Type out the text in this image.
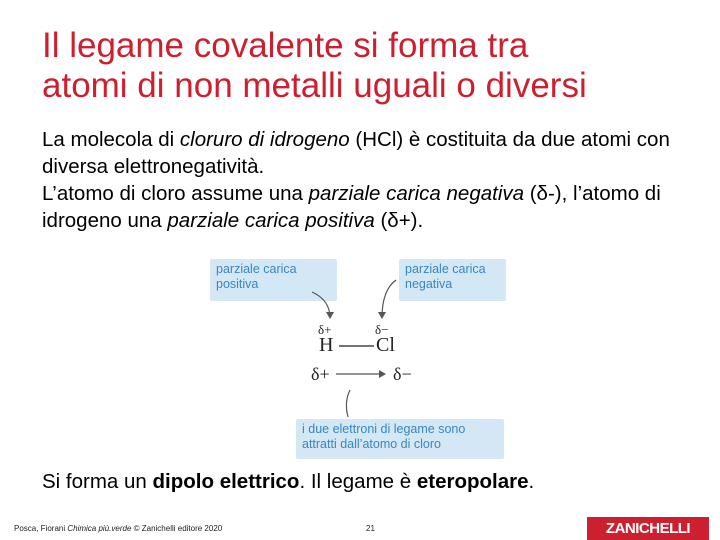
Il legame covalente si forma tra
atomi di non metalli uguali o diversi

La molecola di cloruro di idrogeno (HCl) è costituita da due atomi con diversa elettronegatività.

L’atomo di cloro assume una parziale carica negativa (δ-), l’atomo di idrogeno una parziale carica positiva (δ+).

parziale carica
positiva
parziale carica
negativa
i due elettroni di legame sono
attratti dall’atomo di cloro
δ+	δ−
H Cl
δ+	δ−

Si forma un dipolo elettrico. Il legame è eteropolare.

Posca, Fiorani Chimica più.verde © Zanichelli editore 2020	21	ZANICHELLI
